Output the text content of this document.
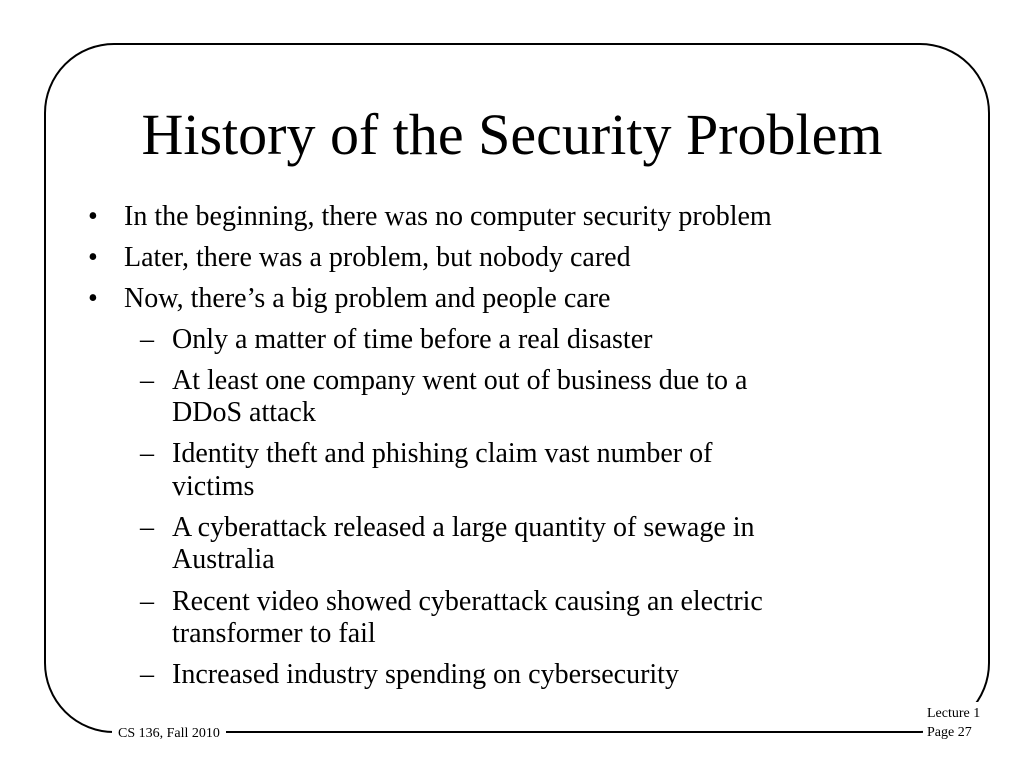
History of the Security Problem
• In the beginning, there was no computer security problem
• Later, there was a problem, but nobody cared
• Now, there’s a big problem and people care
– Only a matter of time before a real disaster
– At least one company went out of business due to a
DDoS attack
– Identity theft and phishing claim vast number of
victims
– A cyberattack released a large quantity of sewage in
Australia
– Recent video showed cyberattack causing an electric
transformer to fail
– Increased industry spending on cybersecurity
CS 136, Fall 2010
Lecture 1
Page 27
